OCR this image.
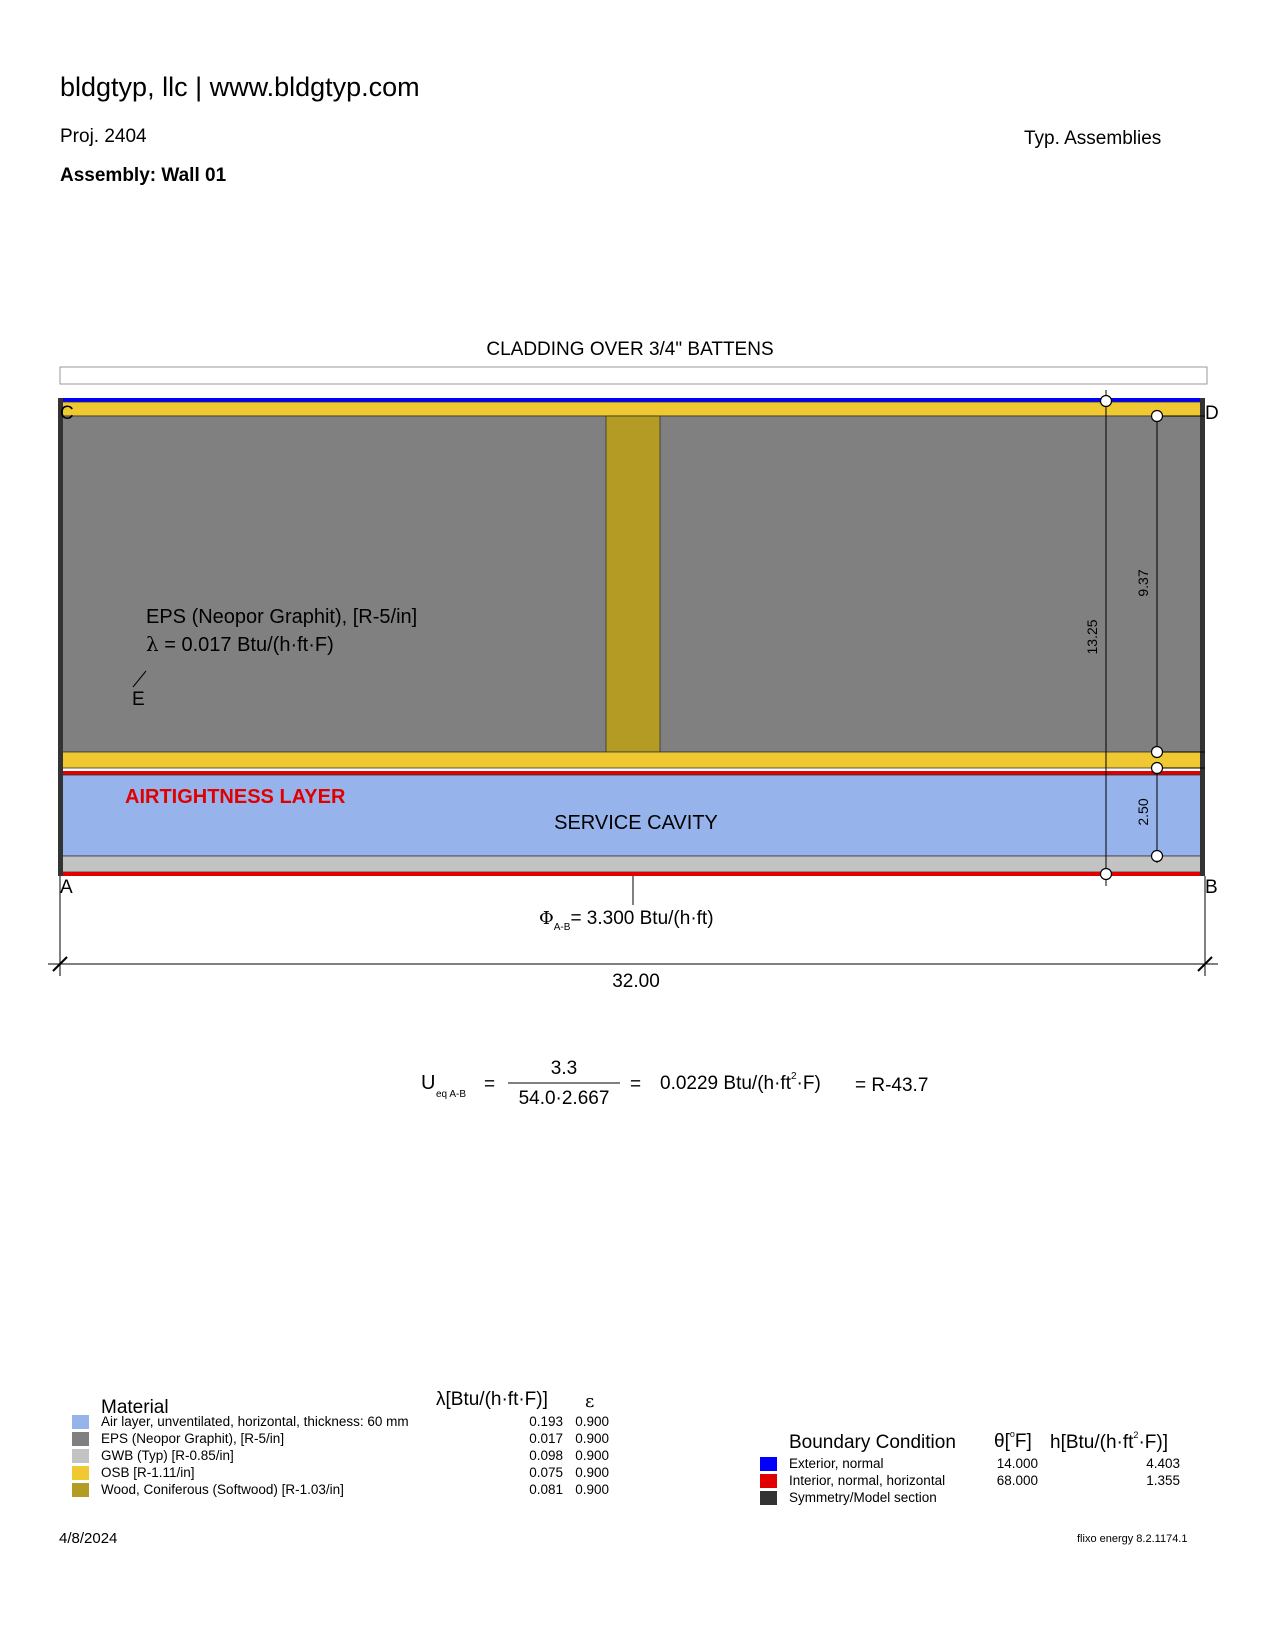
bldgtyp, llc | www.bldgtyp.com
Proj. 2404
Assembly: Wall 01
Typ. Assemblies
CLADDING OVER 3/4" BATTENS
C	D
A	B
EPS (Neopor Graphit), [R-5/in]
λ = 0.017 Btu/(h·ft·F)
E
AIRTIGHTNESS LAYER
SERVICE CAVITY
13.25
9.37
2.50
$\Phi_{A-B}= 3.300$ Btu/(h·ft)
32.00
U
eq A-B =
3.3
54.0·2.667
= 0.0229 Btu/$(h\cdot ft^2\cdot F) = R-43.7$
Material	λ[Btu/(h·ft·F)] ε
Air layer, unventilated, horizontal, thickness: 60 mm	0.193 0.900
EPS (Neopor Graphit), [R-5/in]	0.017 0.900
GWB (Typ) [R-0.85/in]	0.098 0.900
OSB [R-1.11/in]	0.075 0.900
Wood, Coniferous (Softwood) [R-1.03/in]	0.081 0.900
Boundary Condition θ[$^o$F] $h[Btu/(h\cdot ft^2\cdot F)]$
Exterior, normal	14.000	4.403
Interior, normal, horizontal	68.000	1.355
Symmetry/Model section
4/8/2024	flixo energy 8.2.1174.1
